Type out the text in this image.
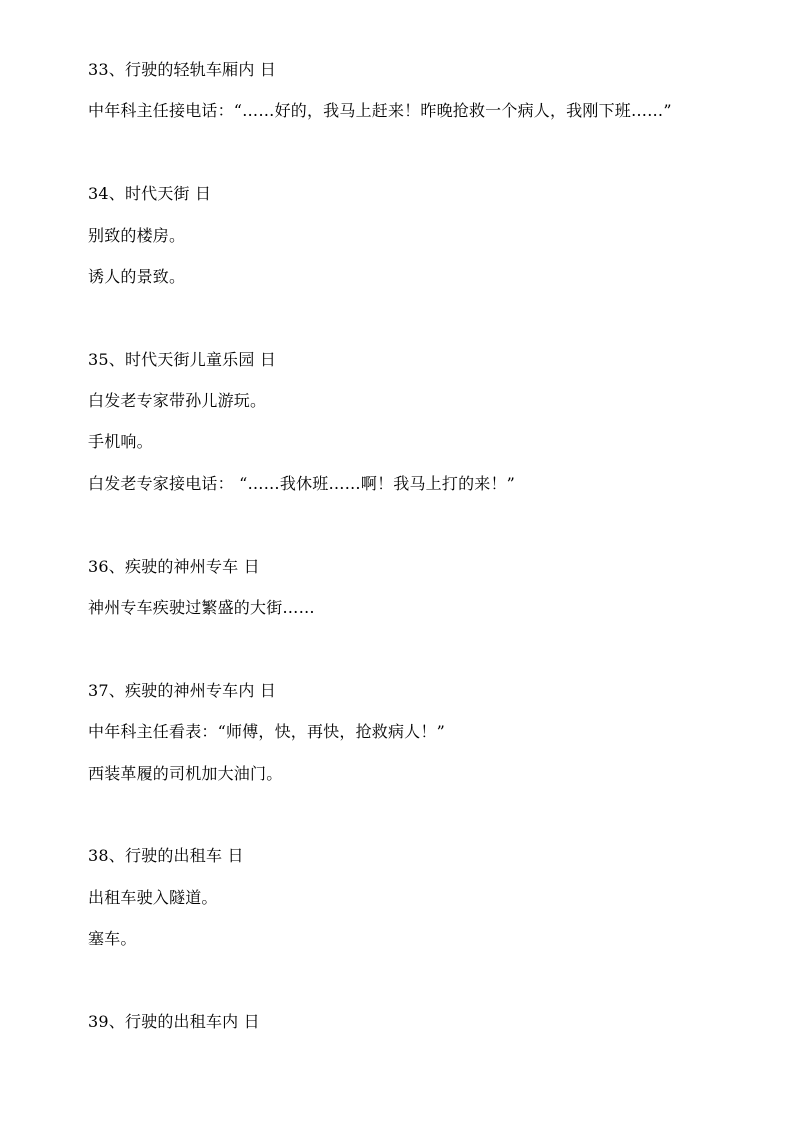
33、行驶的轻轨车厢内 日
中年科主任接电话：“……好的，我马上赶来！昨晚抢救一个病人，我刚下班……”
34、时代天街 日
别致的楼房。
诱人的景致。
35、时代天街儿童乐园 日
白发老专家带孙儿游玩。
手机响。
白发老专家接电话： “……我休班……啊！我马上打的来！”
36、疾驶的神州专车 日
神州专车疾驶过繁盛的大街……
37、疾驶的神州专车内 日
中年科主任看表：“师傅，快，再快，抢救病人！”
西装革履的司机加大油门。
38、行驶的出租车 日
出租车驶入隧道。
塞车。
39、行驶的出租车内 日
